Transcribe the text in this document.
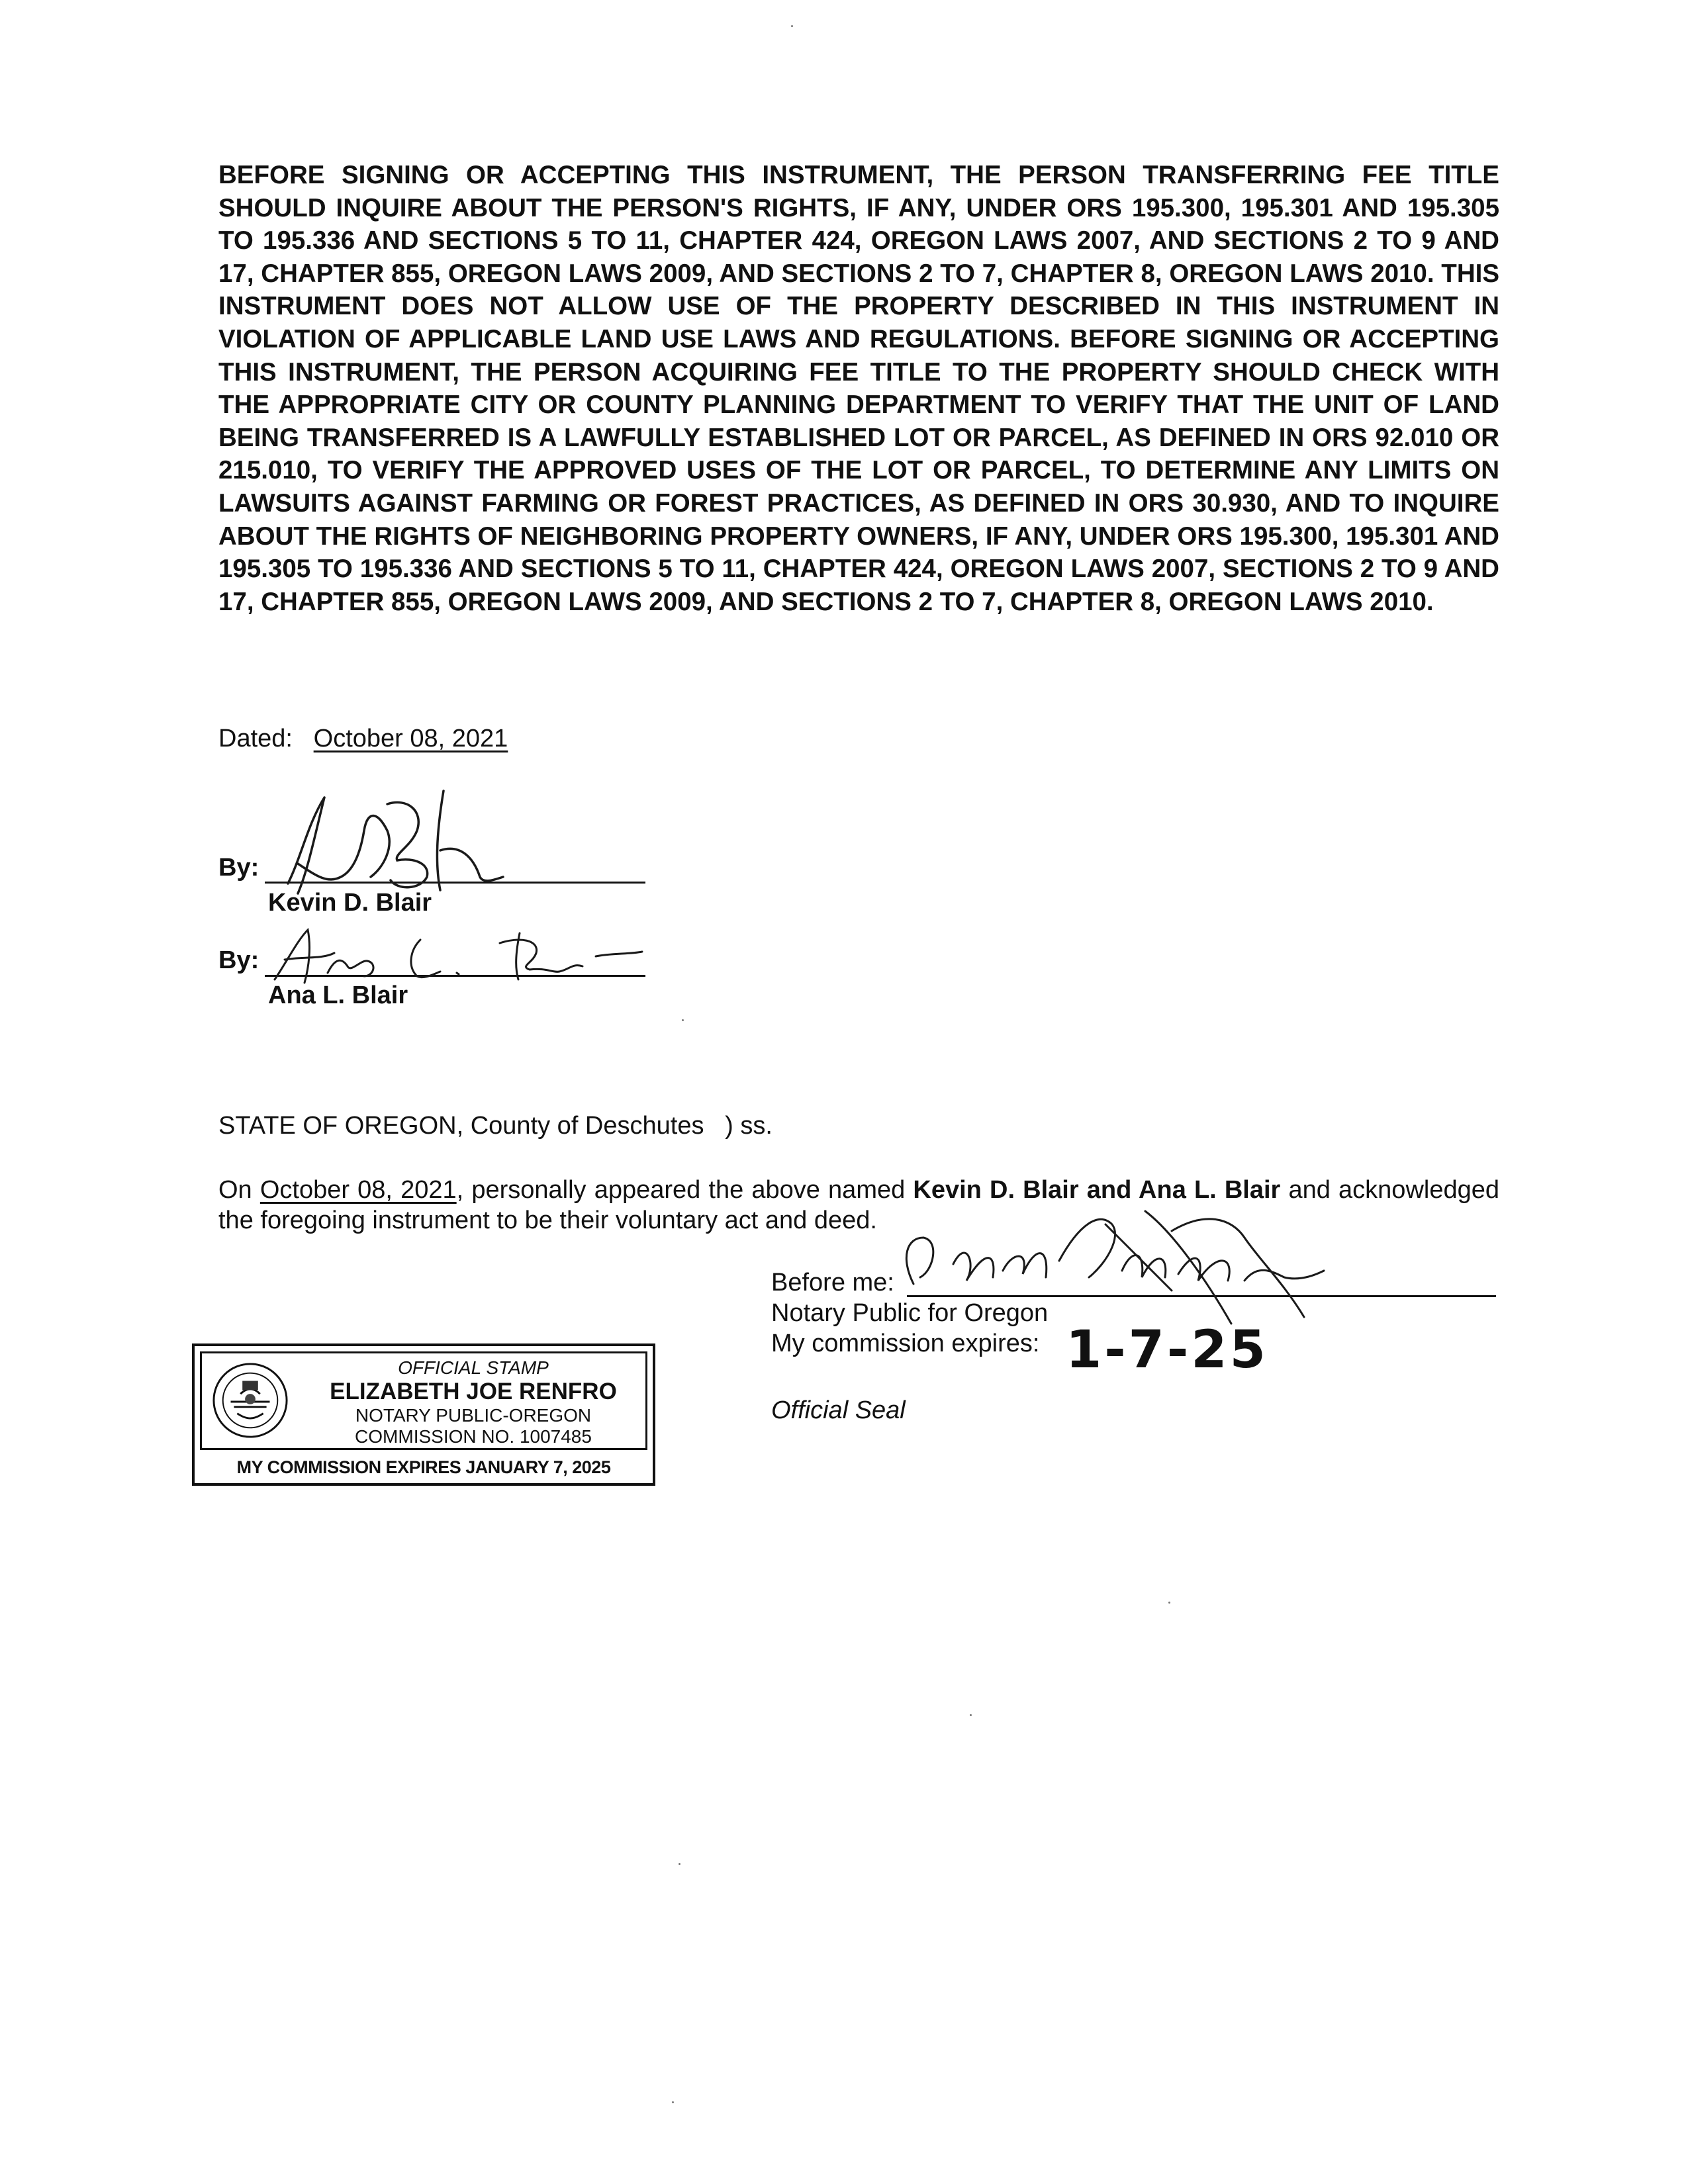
BEFORE SIGNING OR ACCEPTING THIS INSTRUMENT, THE PERSON TRANSFERRING FEE TITLE SHOULD INQUIRE ABOUT THE PERSON'S RIGHTS, IF ANY, UNDER ORS 195.300, 195.301 AND 195.305 TO 195.336 AND SECTIONS 5 TO 11, CHAPTER 424, OREGON LAWS 2007, AND SECTIONS 2 TO 9 AND 17, CHAPTER 855, OREGON LAWS 2009, AND SECTIONS 2 TO 7, CHAPTER 8, OREGON LAWS 2010. THIS INSTRUMENT DOES NOT ALLOW USE OF THE PROPERTY DESCRIBED IN THIS INSTRUMENT IN VIOLATION OF APPLICABLE LAND USE LAWS AND REGULATIONS. BEFORE SIGNING OR ACCEPTING THIS INSTRUMENT, THE PERSON ACQUIRING FEE TITLE TO THE PROPERTY SHOULD CHECK WITH THE APPROPRIATE CITY OR COUNTY PLANNING DEPARTMENT TO VERIFY THAT THE UNIT OF LAND BEING TRANSFERRED IS A LAWFULLY ESTABLISHED LOT OR PARCEL, AS DEFINED IN ORS 92.010 OR 215.010, TO VERIFY THE APPROVED USES OF THE LOT OR PARCEL, TO DETERMINE ANY LIMITS ON LAWSUITS AGAINST FARMING OR FOREST PRACTICES, AS DEFINED IN ORS 30.930, AND TO INQUIRE ABOUT THE RIGHTS OF NEIGHBORING PROPERTY OWNERS, IF ANY, UNDER ORS 195.300, 195.301 AND 195.305 TO 195.336 AND SECTIONS 5 TO 11, CHAPTER 424, OREGON LAWS 2007, SECTIONS 2 TO 9 AND 17, CHAPTER 855, OREGON LAWS 2009, AND SECTIONS 2 TO 7, CHAPTER 8, OREGON LAWS 2010.

Dated: October 08, 2021
By:
Kevin D. Blair
By:
Ana L. Blair
STATE OF OREGON, County of Deschutes ) ss.

On October 08, 2021, personally appeared the above named Kevin D. Blair and Ana L. Blair and acknowledged the foregoing instrument to be their voluntary act and deed.

Before me:
Notary Public for Oregon
My commission expires: 1-7-25
Official Seal
OFFICIAL STAMP
ELIZABETH JOE RENFRO
NOTARY PUBLIC-OREGON
COMMISSION NO. 1007485
MY COMMISSION EXPIRES JANUARY 7, 2025
